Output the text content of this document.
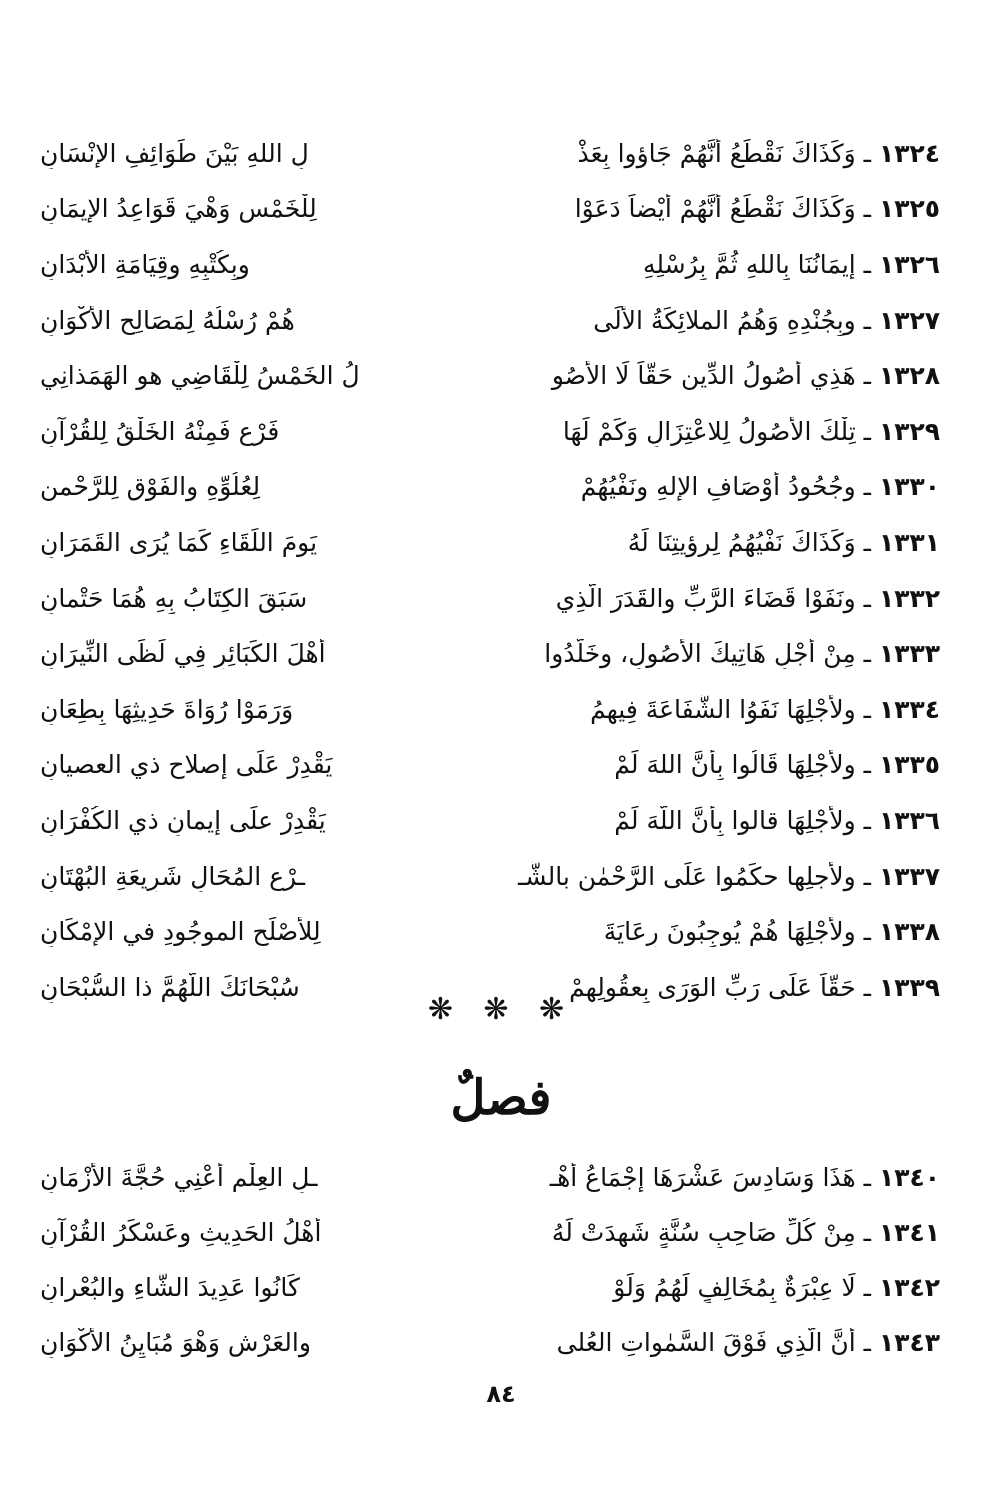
١٣٢٤ ـ وَكَذَاكَ نَقْطَعُ أَنَّهُمْ جَاؤوا بِعَذْ
لِ اللهِ بَيْنَ طَوَائِفِ الإِنْسَانِ
١٣٢٥ ـ وَكَذَاكَ نَقْطَعُ أَنَّهُمْ أَيْضاً دَعَوْا
لِلْخَمْسِ وَهْيَ قَوَاعِدُ الإِيمَانِ
١٣٢٦ ـ إِيمَانُنَا بِاللهِ ثُمَّ بِرُسْلِهِ
وبِكُتْبِهِ وقِيَامَةِ الأَبْدَانِ
١٣٢٧ ـ وبِجُنْدِهِ وَهُمُ الملائِكَةُ الأُلَى
هُمْ رُسْلُهُ لِمَصَالِحِ الأَكْوَانِ
١٣٢٨ ـ هَذِي أُصُولُ الدِّينِ حَقّاً لَا الأُصُو
لُ الخَمْسُ لِلْقَاضِي هو الهَمَذانِي
١٣٢٩ ـ تِلْكَ الأُصُولُ لِلاعْتِزَالِ وَكَمْ لَهَا
فَرْعٍ فَمِنْهُ الخَلْقُ لِلقُرْآنِ
١٣٣٠ ـ وجُحُودُ أَوْصَافِ الإِلهِ ونَفْيُهُمْ
لِعُلُوِّهِ والفَوْقِ لِلرَّحْمنِ
١٣٣١ ـ وَكَذَاكَ نَفْيُهُمُ لِرؤيتِنَا لَهُ
يَومَ اللِّقَاءِ كَمَا يُرَى القَمَرَانِ
١٣٣٢ ـ ونَفَوْا قَضَاءَ الرَّبِّ والقَدَرَ الَّذِي
سَبَقَ الكِتَابُ بِهِ هُمَا حَتْمانِ
١٣٣٣ ـ مِنْ أَجْلِ هَاتِيكَ الأُصُولِ، وخَلَّدُوا
أَهْلَ الكَبَائِرِ فِي لَظَى النِّيرَانِ
١٣٣٤ ـ ولأَجْلِهَا نَفَوُا الشَّفَاعَةَ فِيهِمُ
وَرَمَوْا رُوَاةَ حَدِيثِهَا بِطِعَانِ
١٣٣٥ ـ ولأَجْلِهَا قَالُوا بِأَنَّ اللهَ لَمْ
يَقْدِرْ عَلَى إِصلاحِ ذي العصيانِ
١٣٣٦ ـ ولأَجْلِهَا قالوا بِأَنَّ اللَّهَ لَمْ
يَقْدِرْ علَى إِيمانِ ذي الكُفْرَانِ
١٣٣٧ ـ ولأجلِها حكَمُوا عَلَى الرَّحْمٰنِ بالشَّـ
ـرْعِ المُحَالِ شَرِيعَةِ البُهْتَانِ
١٣٣٨ ـ ولأَجْلِهَا هُمْ يُوجِبُونَ رِعَايَةَ
لِلأَصْلَحِ الموجُودِ في الإِمْكَانِ
١٣٣٩ ـ حَقّاً عَلَى رَبِّ الوَرَى بِعقُولِهِمْ
سُبْحَانَكَ اللَّهُمَّ ذا السُّبْحَانِ
❋ ❋ ❋
فصلٌ
١٣٤٠ ـ هَذَا وَسَادِسَ عَشْرَهَا إِجْمَاعُ أَهْـ
ـلِ العِلْمِ أَعْنِي حُجَّةَ الأَزْمَانِ
١٣٤١ ـ مِنْ كُلِّ صَاحِبِ سُنَّةٍ شَهِدَتْ لَهُ
أَهْلُ الحَدِيثِ وعَسْكَرُ القُرْآنِ
١٣٤٢ ـ لَا عِبْرَةٌ بِمُخَالِفٍ لَهُمُ وَلَوْ
كَانُوا عَدِيدَ الشَّاءِ والبُعْرانِ
١٣٤٣ ـ أَنَّ الَّذِي فَوْقَ السَّمٰواتِ العُلى
والعَرْشِ وَهْوَ مُبَايِنُ الأَكْوَانِ
٨٤
